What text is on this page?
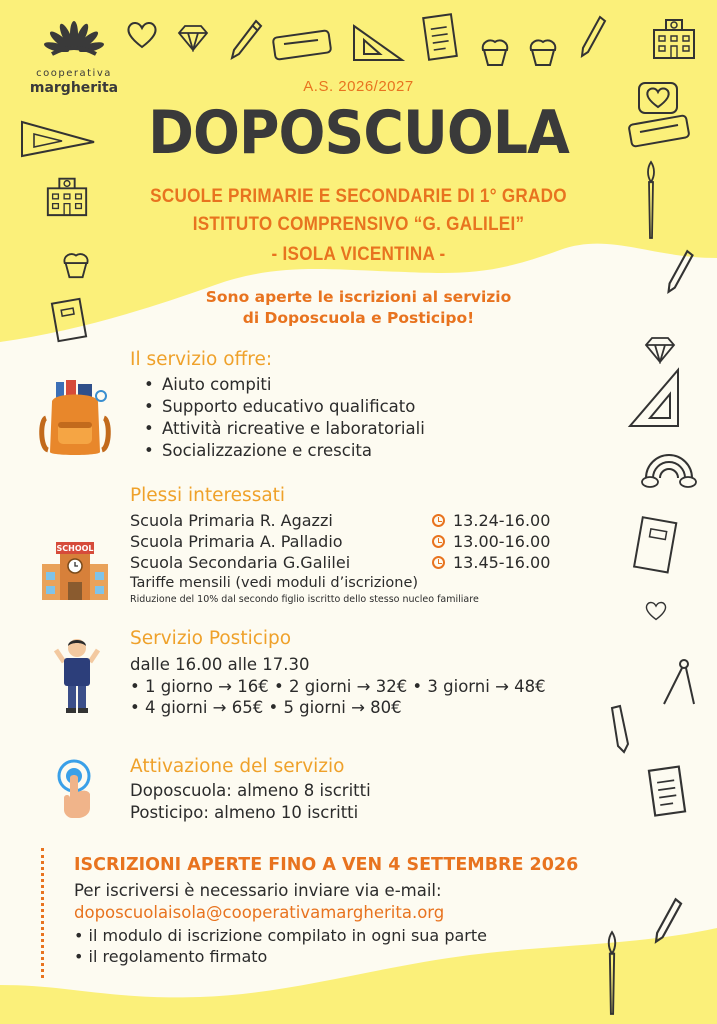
cooperativa
margherita	A.S. 2026/2027
DOPOSCUOLA
SCUOLE PRIMARIE E SECONDARIE DI 1° GRADO
ISTITUTO COMPRENSIVO “G. GALILEI”
- ISOLA VICENTINA -
Sono aperte le iscrizioni al servizio
di Doposcuola e Posticipo!
Il servizio offre:
• Aiuto compiti
• Supporto educativo qualificato
• Attività ricreative e laboratoriali
• Socializzazione e crescita
SCHOOL
Plessi interessati
Scuola Primaria R. Agazzi
Scuola Primaria A. Palladio
Scuola Secondaria G.Galilei
13.24-16.00
13.00-16.00
13.45-16.00
Tariffe mensili (vedi moduli d’iscrizione)
Riduzione del 10% dal secondo figlio iscritto dello stesso nucleo familiare
Servizio Posticipo
dalle 16.00 alle 17.30
• 1 giorno → 16€ • 2 giorni → 32€ • 3 giorni → 48€
• 4 giorni → 65€ • 5 giorni → 80€
Attivazione del servizio
Doposcuola: almeno 8 iscritti
Posticipo: almeno 10 iscritti
ISCRIZIONI APERTE FINO A VEN 4 SETTEMBRE 2026
Per iscriversi è necessario inviare via e-mail:
doposcuolaisola@cooperativamargherita.org
• il modulo di iscrizione compilato in ogni sua parte
• il regolamento firmato
